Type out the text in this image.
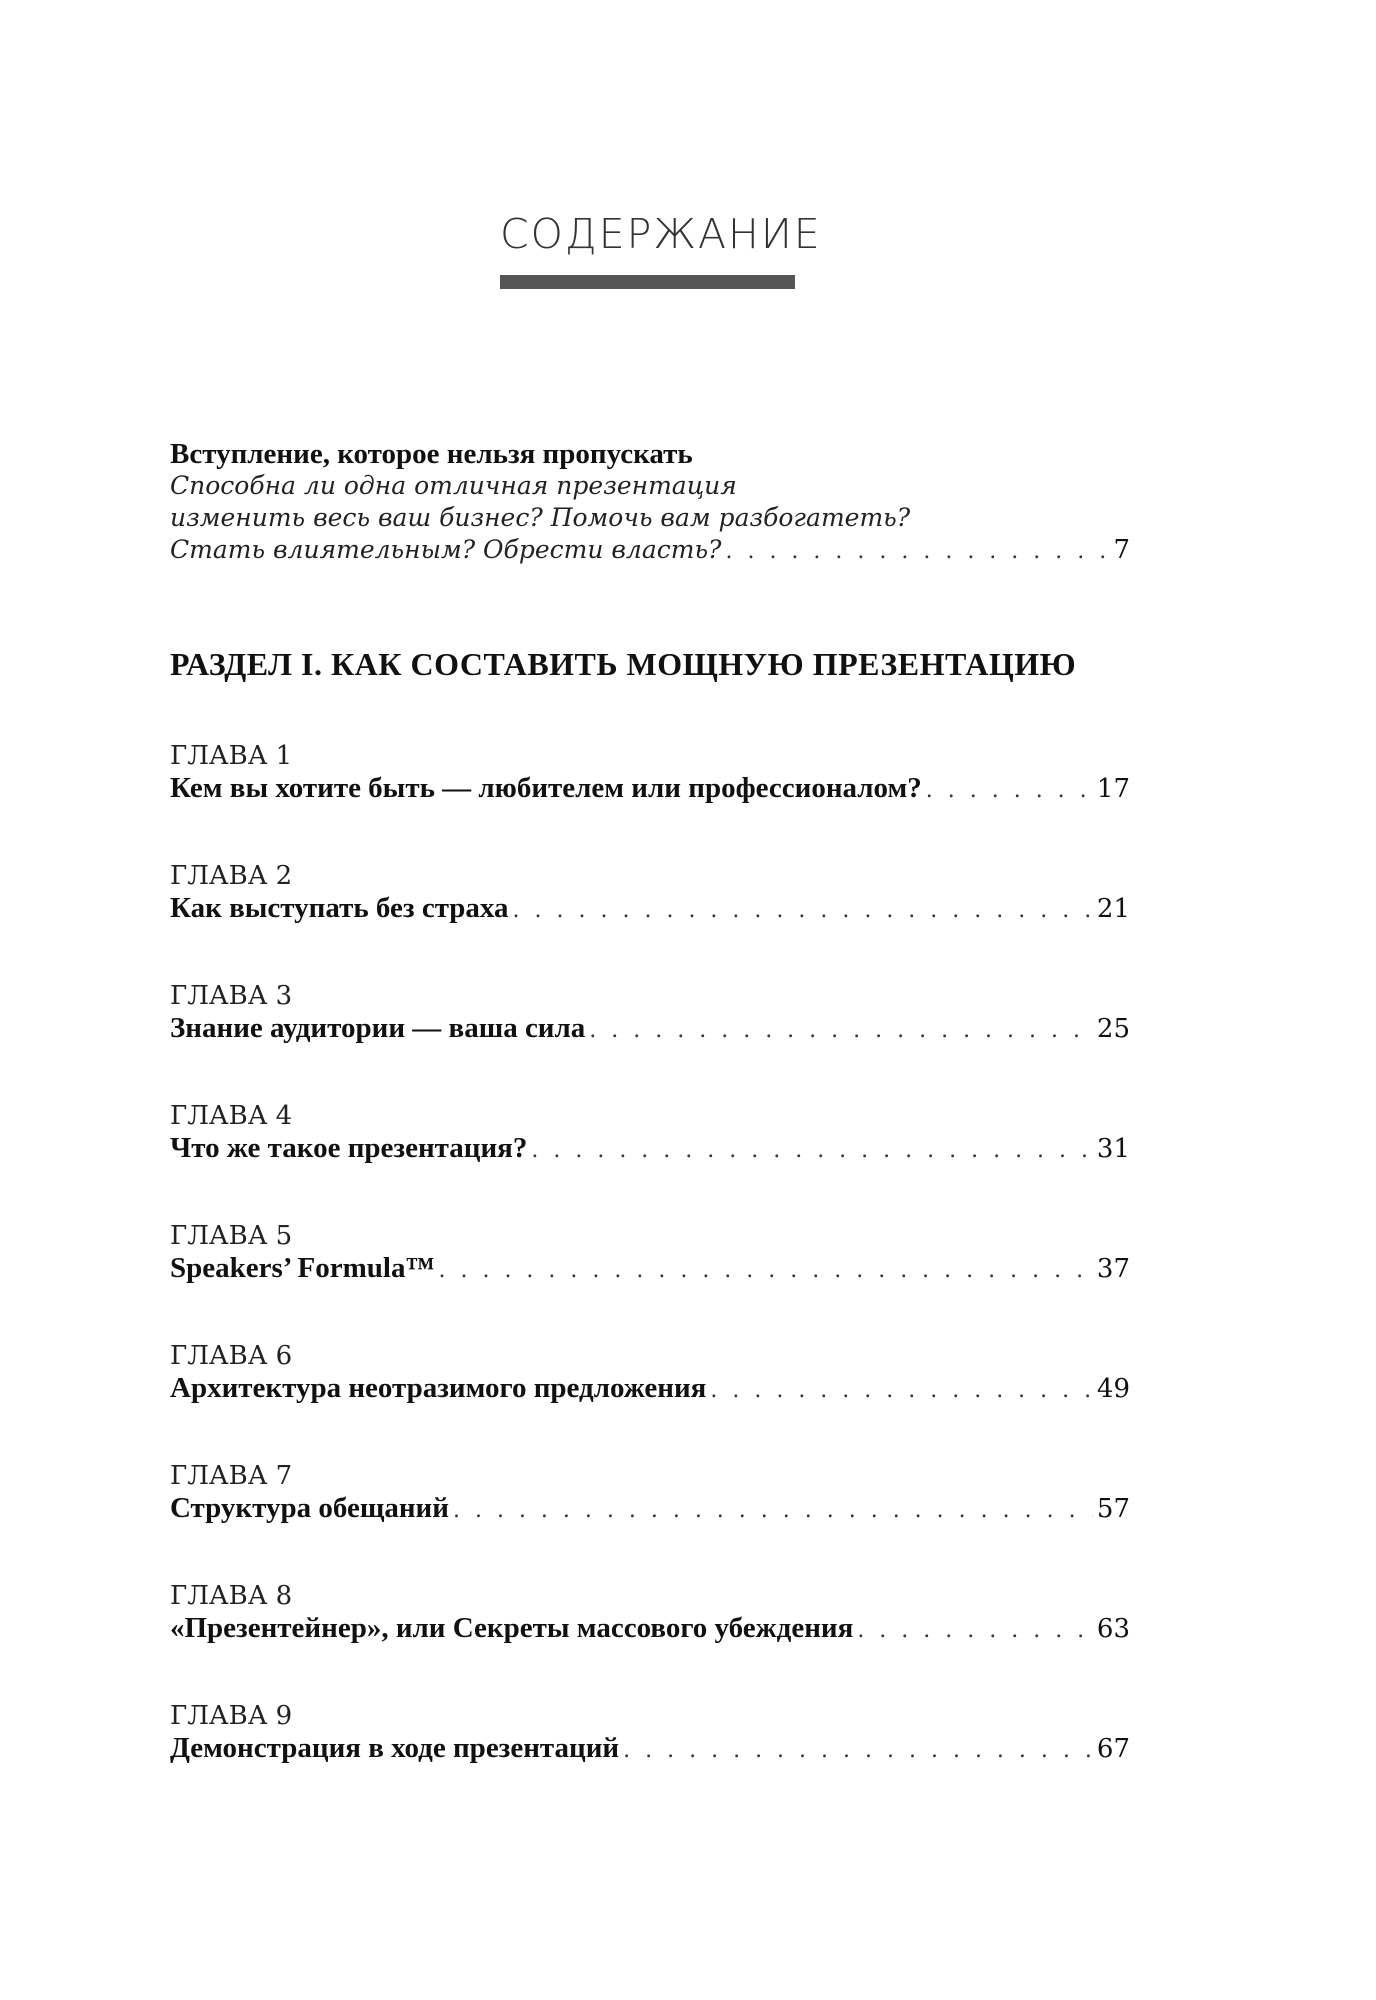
СОДЕРЖАНИЕ
Вступление, которое нельзя пропускать
Способна ли одна отличная презентация
изменить весь ваш бизнес? Помочь вам разбогатеть?
Стать влиятельным? Обрести власть? . . .	7
РАЗДЕЛ I. КАК СОСТАВИТЬ МОЩНУЮ ПРЕЗЕНТАЦИЮ
ГЛАВА 1
Кем вы хотите быть — любителем или профессионалом? . . .	17
ГЛАВА 2
Как выступать без страха . . .	21
ГЛАВА 3
Знание аудитории — ваша сила . . .	25
ГЛАВА 4
Что же такое презентация? . . .	31
ГЛАВА 5
Speakers’ Formula™ . . .	37
ГЛАВА 6
Архитектура неотразимого предложения . . .	49
ГЛАВА 7
Структура обещаний . . .	57
ГЛАВА 8
«Презентейнер», или Секреты массового убеждения . . .	63
ГЛАВА 9
Демонстрация в ходе презентаций . . .	67
